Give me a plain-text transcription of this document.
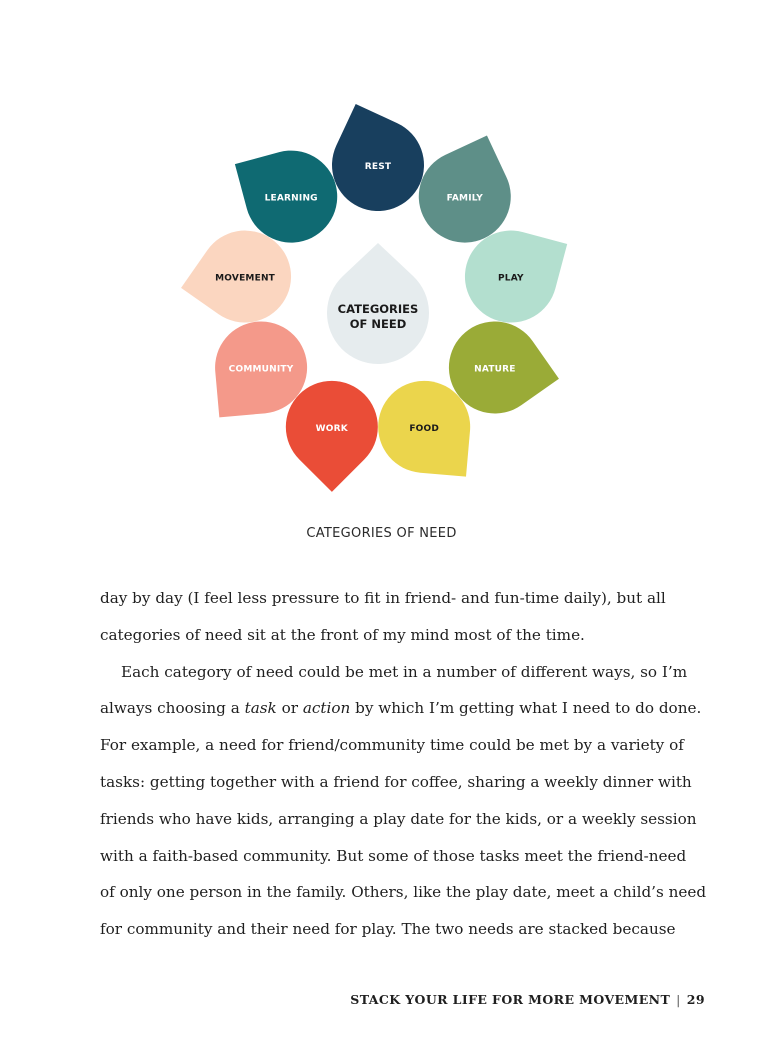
REST
FAMILY
PLAY
NATURE
FOOD
WORK
COMMUNITY
MOVEMENT
LEARNING
CATEGORIES
OF NEED
CATEGORIES OF NEED
day by day (I feel less pressure to fit in friend- and fun-time daily), but all
categories of need sit at the front of my mind most of the time.
Each category of need could be met in a number of different ways, so I’m
always choosing a task or action by which I’m getting what I need to do done.
For example, a need for friend/community time could be met by a variety of
tasks: getting together with a friend for coffee, sharing a weekly dinner with
friends who have kids, arranging a play date for the kids, or a weekly session
with a faith-based community. But some of those tasks meet the friend-need
of only one person in the family. Others, like the play date, meet a child’s need
for community and their need for play. The two needs are stacked because
STACK YOUR LIFE FOR MORE MOVEMENT | 29
